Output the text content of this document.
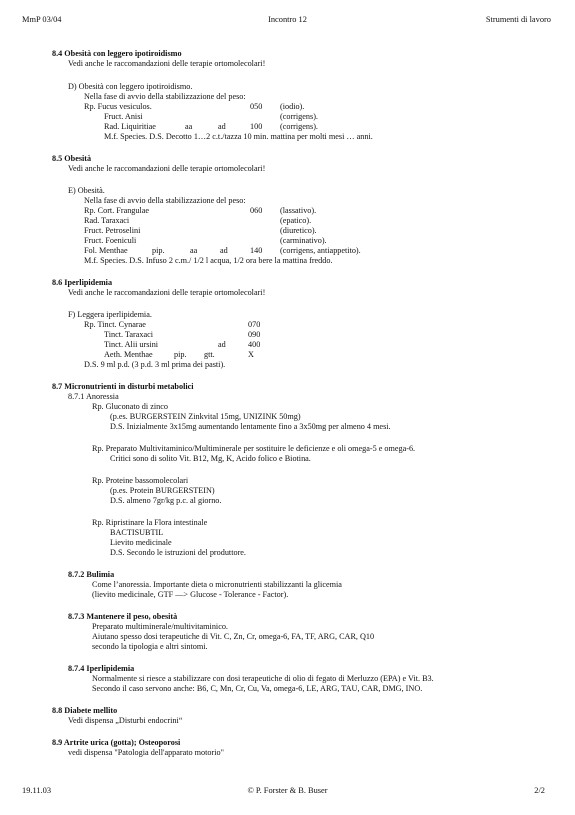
MmP 03/04	Incontro 12	Strumenti di lavoro
8.4 Obesità con leggero ipotiroidismo
Vedi anche le raccomandazioni delle terapie ortomolecolari!
D) Obesità con leggero ipotiroidismo.
Nella fase di avvio della stabilizzazione del peso:
Rp. Fucus vesiculos.	050 (iodio).
Fruct. Anisi	(corrigens).
Rad. Liquiritiae	aa	ad	100 (corrigens).
M.f. Species. D.S. Decotto 1…2 c.t./tazza 10 min. mattina per molti mesi … anni.
8.5 Obesità
Vedi anche le raccomandazioni delle terapie ortomolecolari!
E) Obesità.
Nella fase di avvio della stabilizzazione del peso:
Rp. Cort. Frangulae	060 (lassativo).
Rad. Taraxaci	(epatico).
Fruct. Petroselini	(diuretico).
Fruct. Foeniculi	(carminativo).
Fol. Menthae	pip.	aa	ad	140 (corrigens, antiappetito).
M.f. Species. D.S. Infuso 2 c.m./ 1/2 l acqua, 1/2 ora bere la mattina freddo.
8.6 Iperlipidemia
Vedi anche le raccomandazioni delle terapie ortomolecolari!
F) Leggera iperlipidemia.
Rp. Tinct. Cynarae	070
Tinct. Taraxaci	090
Tinct. Alii ursini	ad	400
Aeth. Menthae	pip. gtt.	X
D.S. 9 ml p.d. (3 p.d. 3 ml prima dei pasti).
8.7 Micronutrienti in disturbi metabolici
8.7.1 Anoressia
Rp. Gluconato di zinco
(p.es. BURGERSTEIN Zinkvital 15mg, UNIZINK 50mg)
D.S. Inizialmente 3x15mg aumentando lentamente fino a 3x50mg per almeno 4 mesi.
Rp. Preparato Multivitaminico/Multiminerale per sostituire le deficienze e oli omega-5 e omega-6.
Critici sono di solito Vit. B12, Mg, K, Acido folico e Biotina.
Rp. Proteine bassomolecolari
(p.es. Protein BURGERSTEIN)
D.S. almeno 7gr/kg p.c. al giorno.
Rp. Ripristinare la Flora intestinale
BACTISUBTIL
Lievito medicinale
D.S. Secondo le istruzioni del produttore.
8.7.2 Bulimia
Come l’anoressia. Importante dieta o micronutrienti stabilizzanti la glicemia
(lievito medicinale, GTF —> Glucose - Tolerance - Factor).
8.7.3 Mantenere il peso, obesità
Preparato multiminerale/multivitaminico.
Aiutano spesso dosi terapeutiche di Vit. C, Zn, Cr, omega-6, FA, TF, ARG, CAR, Q10
secondo la tipologia e altri sintomi.
8.7.4 Iperlipidemia
Normalmente si riesce a stabilizzare con dosi terapeutiche di olio di fegato di Merluzzo (EPA) e Vit. B3.
Secondo il caso servono anche: B6, C, Mn, Cr, Cu, Va, omega-6, LE, ARG, TAU, CAR, DMG, INO.
8.8 Diabete mellito
Vedi dispensa „Disturbi endocrini“
8.9 Artrite urica (gotta); Osteoporosi
vedi dispensa "Patologia dell'apparato motorio"
19.11.03	© P. Forster & B. Buser	2/2
